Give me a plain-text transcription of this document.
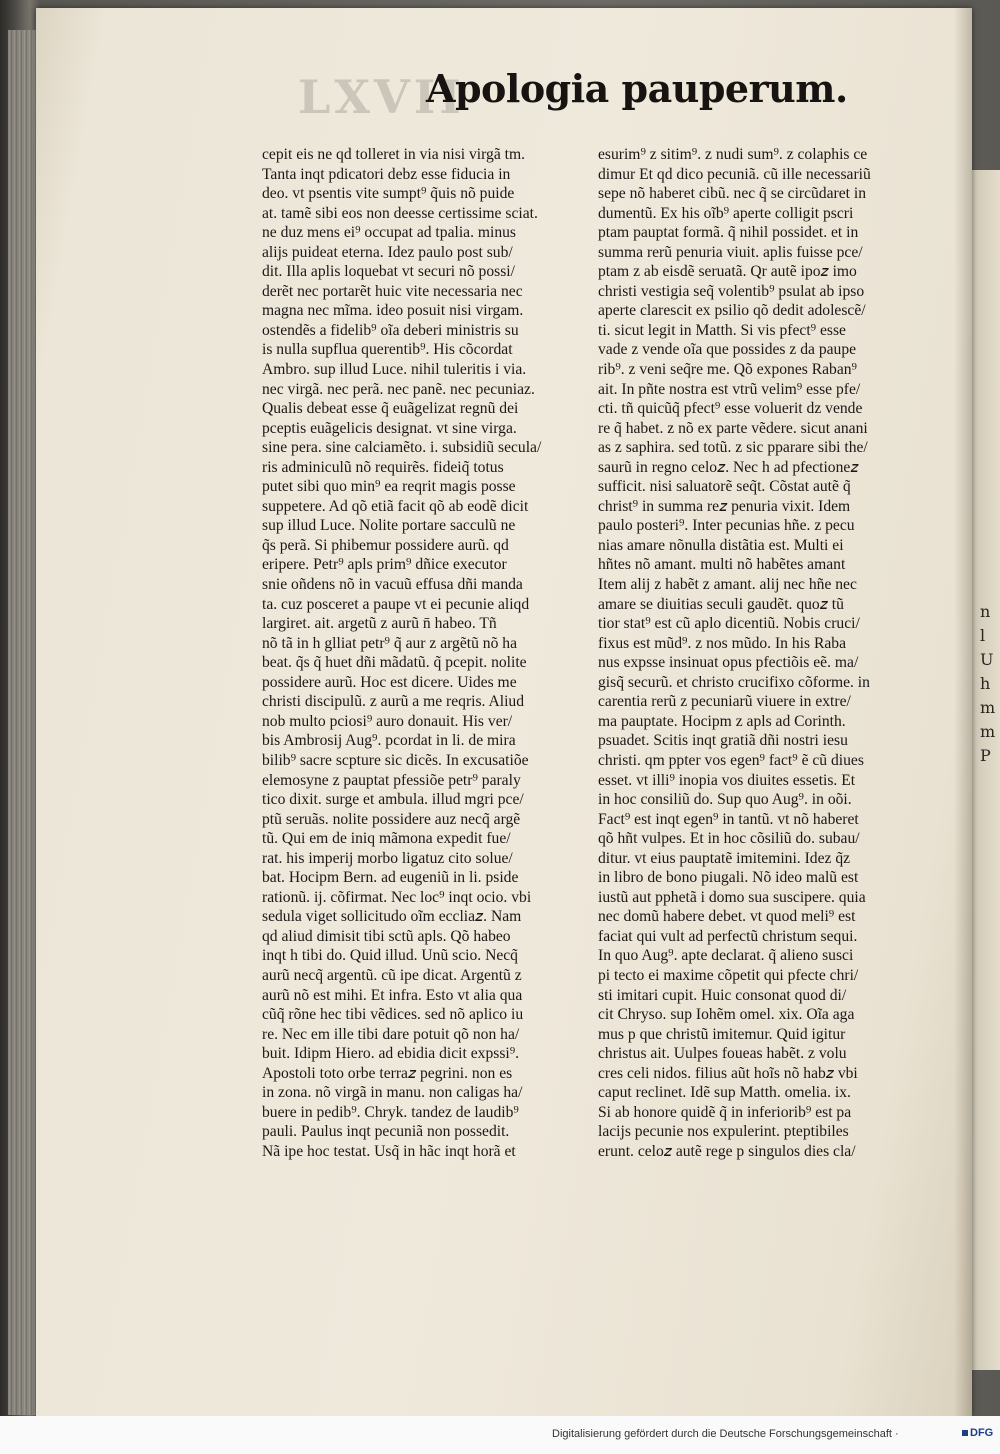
n
l
U
h
m
m
P
LXVII
Apologia pauperum.
cepit eis ne qd tolleret in via nisi virgã tm.
Tanta inqt pdicatori debz esse fiducia in
deo. vt psentis vite sumpt⁹ q̃uis nõ puide
at. tamẽ sibi eos non deesse certissime sciat.
ne duz mens ei⁹ occupat ad tpalia. minus
alijs puideat eterna. Idez paulo post sub/
dit. Illa aplis loquebat vt securi nõ possi/
derẽt nec portarẽt huic vite necessaria nec
magna nec mĩma. ideo posuit nisi virgam.
ostendẽs a fidelib⁹ oĩa deberi ministris su
is nulla supflua querentib⁹. His cõcordat
Ambro. sup illud Luce. nihil tuleritis i via.
nec virgã. nec perã. nec panẽ. nec pecuniaz.
Qualis debeat esse q̃ euãgelizat regnũ dei
pceptis euãgelicis designat. vt sine virga.
sine pera. sine calciamẽto. i. subsidiũ secula/
ris adminiculũ nõ requirẽs. fideiq̃ totus
putet sibi quo min⁹ ea reqrit magis posse
suppetere. Ad qõ etiã facit qõ ab eodẽ dicit
sup illud Luce. Nolite portare sacculũ ne
q̃s perã. Si phibemur possidere aurũ. qd
eripere. Petr⁹ apls prim⁹ dñice executor
snie oñdens nõ in vacuũ effusa dñi manda
ta. cuz posceret a paupe vt ei pecunie aliqd
largiret. ait. argetũ z aurũ n̄ habeo. Tñ
nõ tã in h glliat petr⁹ q̃ aur z argẽtũ nõ ha
beat. q̃s q̃ huet dñi mãdatũ. q̃ pcepit. nolite
possidere aurũ. Hoc est dicere. Uides me
christi discipulũ. z aurũ a me reqris. Aliud
nob multo pciosi⁹ auro donauit. His ver/
bis Ambrosij Aug⁹. pcordat in li. de mira
bilib⁹ sacre scpture sic dicẽs. In excusatiõe
elemosyne z pauptat pfessiõe petr⁹ paraly
tico dixit. surge et ambula. illud mgri pce/
ptũ seruãs. nolite possidere auz necq̃ argẽ
tũ. Qui em de iniq mãmona expedit fue/
rat. his imperij morbo ligatuz cito solue/
bat. Hocipm Bern. ad eugeniũ in li. pside
rationũ. ij. cõfirmat. Nec loc⁹ inqt ocio. vbi
sedula viget sollicitudo oĩm ecclia𝑧. Nam
qd aliud dimisit tibi sctũ apls. Qõ habeo
inqt h tibi do. Quid illud. Unũ scio. Necq̃
aurũ necq̃ argentũ. cũ ipe dicat. Argentũ z
aurũ nõ est mihi. Et infra. Esto vt alia qua
cũq̃ rõne hec tibi vẽdices. sed nõ aplico iu
re. Nec em ille tibi dare potuit qõ non ha/
buit. Idipm Hiero. ad ebidia dicit expssi⁹.
Apostoli toto orbe terra𝑧 pegrini. non es
in zona. nõ virgã in manu. non caligas ha/
buere in pedib⁹. Chryk. tandez de laudib⁹
pauli. Paulus inqt pecuniã non possedit.
Nã ipe hoc testat. Usq̃ in hãc inqt horã et
esurim⁹ z sitim⁹. z nudi sum⁹. z colaphis ce
dimur Et qd dico pecuniã. cũ ille necessariũ
sepe nõ haberet cibũ. nec q̃ se circũdaret in
dumentũ. Ex his oĩb⁹ aperte colligit pscri
ptam pauptat formã. q̃ nihil possidet. et in
summa rerũ penuria viuit. aplis fuisse pce/
ptam z ab eisdẽ seruatã. Qr autẽ ipo𝑧 imo
christi vestigia seq̃ volentib⁹ psulat ab ipso
aperte clarescit ex psilio qõ dedit adolescẽ/
ti. sicut legit in Matth. Si vis pfect⁹ esse
vade z vende oĩa que possides z da paupe
rib⁹. z veni seq̃re me. Qõ expones Raban⁹
ait. In pñte nostra est vtrũ velim⁹ esse pfe/
cti. tñ quicũq̃ pfect⁹ esse voluerit dz vende
re q̃ habet. z nõ ex parte vẽdere. sicut anani
as z saphira. sed totũ. z sic pparare sibi the/
saurũ in regno celo𝑧. Nec h ad pfectione𝑧
sufficit. nisi saluatorẽ seq̃t. Cõstat autẽ q̃
christ⁹ in summa re𝑧 penuria vixit. Idem
paulo posteri⁹. Inter pecunias hñe. z pecu
nias amare nõnulla distãtia est. Multi ei
hñtes nõ amant. multi nõ habẽtes amant
Item alij z habẽt z amant. alij nec hñe nec
amare se diuitias seculi gaudẽt. quo𝑧 tũ
tior stat⁹ est cũ aplo dicentiũ. Nobis cruci/
fixus est mũd⁹. z nos mũdo. In his Raba
nus expsse insinuat opus pfectiõis eẽ. ma/
gisq̃ securũ. et christo crucifixo cõforme. in
carentia rerũ z pecuniarũ viuere in extre/
ma pauptate. Hocipm z apls ad Corinth.
psuadet. Scitis inqt gratiã dñi nostri iesu
christi. qm ppter vos egen⁹ fact⁹ ẽ cũ diues
esset. vt illi⁹ inopia vos diuites essetis. Et
in hoc consiliũ do. Sup quo Aug⁹. in oõi.
Fact⁹ est inqt egen⁹ in tantũ. vt nõ haberet
qõ hñt vulpes. Et in hoc cõsiliũ do. subau/
ditur. vt eius pauptatẽ imitemini. Idez q̃z
in libro de bono piugali. Nõ ideo malũ est
iustũ aut pphetã i domo sua suscipere. quia
nec domũ habere debet. vt quod meli⁹ est
faciat qui vult ad perfectũ christum sequi.
In quo Aug⁹. apte declarat. q̃ alieno susci
pi tecto ei maxime cõpetit qui pfecte chri/
sti imitari cupit. Huic consonat quod di/
cit Chryso. sup Iohẽm omel. xix. Oĩa aga
mus p que christũ imitemur. Quid igitur
christus ait. Uulpes foueas habẽt. z volu
cres celi nidos. filius aũt hoĩs nõ hab𝑧 vbi
caput reclinet. Idẽ sup Matth. omelia. ix.
Si ab honore quidẽ q̃ in inferiorib⁹ est pa
lacijs pecunie nos expulerint. pteptibiles
erunt. celo𝑧 autẽ rege p singulos dies cla/
Digitalisierung gefördert durch die Deutsche Forschungsgemeinschaft ·	DFG
